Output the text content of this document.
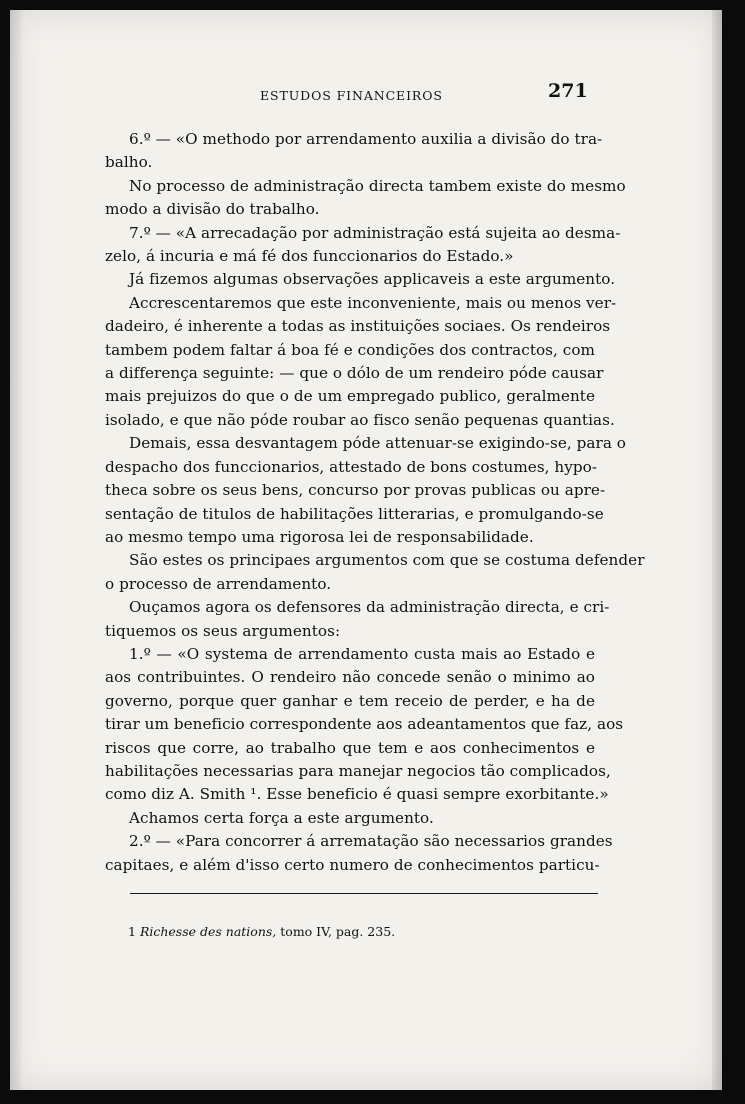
ESTUDOS FINANCEIROS	271
6.º — «O methodo por arrendamento auxilia a divisão do tra-
balho.
No processo de administração directa tambem existe do mesmo
modo a divisão do trabalho.
7.º — «A arrecadação por administração está sujeita ao desma-
zelo, á incuria e má fé dos funccionarios do Estado.»
Já fizemos algumas observações applicaveis a este argumento.
Accrescentaremos que este inconveniente, mais ou menos ver-
dadeiro, é inherente a todas as instituições sociaes. Os rendeiros
tambem podem faltar á boa fé e condições dos contractos, com
a differença seguinte: — que o dólo de um rendeiro póde causar
mais prejuizos do que o de um empregado publico, geralmente
isolado, e que não póde roubar ao fisco senão pequenas quantias.
Demais, essa desvantagem póde attenuar-se exigindo-se, para o
despacho dos funccionarios, attestado de bons costumes, hypo-
theca sobre os seus bens, concurso por provas publicas ou apre-
sentação de titulos de habilitações litterarias, e promulgando-se
ao mesmo tempo uma rigorosa lei de responsabilidade.
São estes os principaes argumentos com que se costuma defender
o processo de arrendamento.
Ouçamos agora os defensores da administração directa, e cri-
tiquemos os seus argumentos:
1.º — «O systema de arrendamento custa mais ao Estado e
aos contribuintes. O rendeiro não concede senão o minimo ao
governo, porque quer ganhar e tem receio de perder, e ha de
tirar um beneficio correspondente aos adeantamentos que faz, aos
riscos que corre, ao trabalho que tem e aos conhecimentos e
habilitações necessarias para manejar negocios tão complicados,
como diz A. Smith ¹. Esse beneficio é quasi sempre exorbitante.»
Achamos certa força a este argumento.
2.º — «Para concorrer á arrematação são necessarios grandes
capitaes, e além d'isso certo numero de conhecimentos particu-
1 Richesse des nations, tomo IV, pag. 235.
